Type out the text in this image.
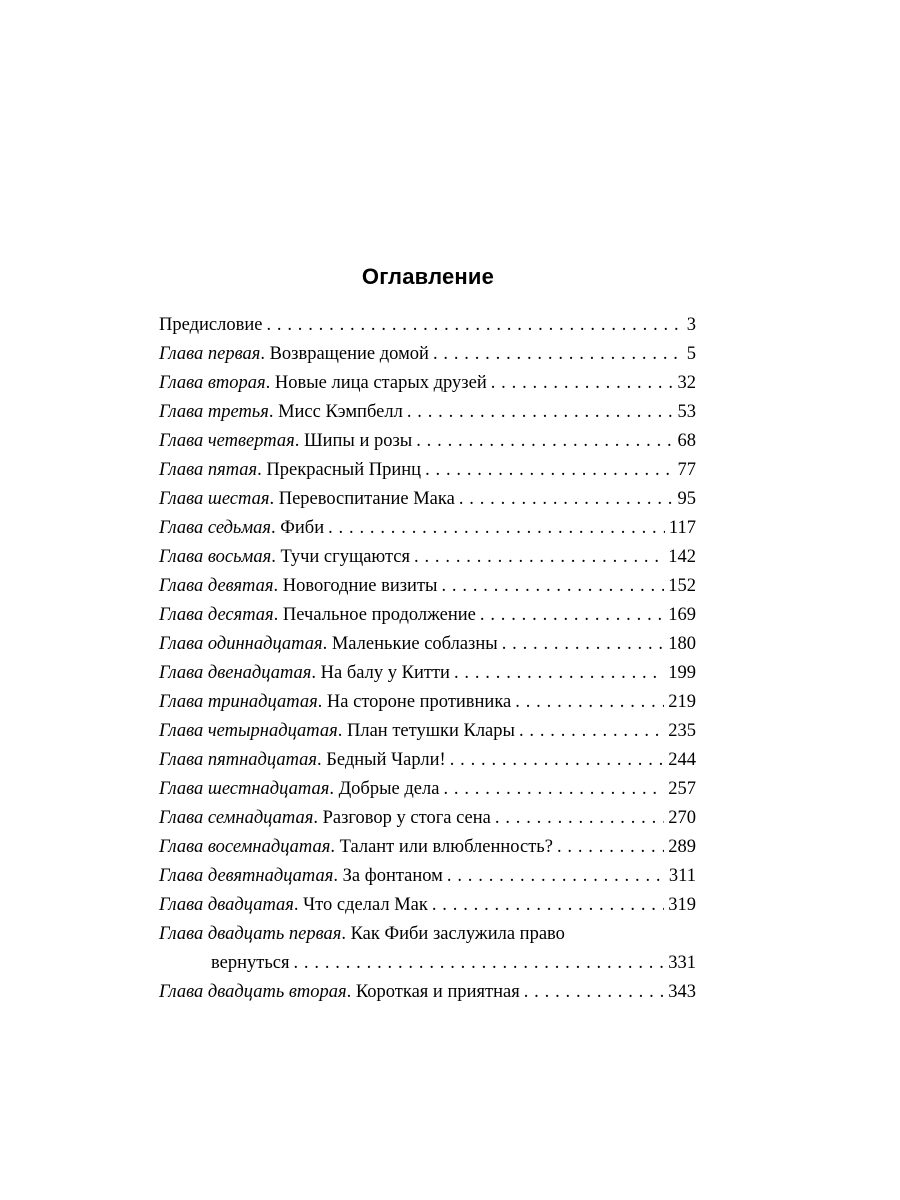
Оглавление
Предисловие . . .	3
Глава первая . Возвращение домой . . .	5
Глава вторая . Новые лица старых друзей . . .	32
Глава третья . Мисс Кэмпбелл . . .	53
Глава четвертая . Шипы и розы . . .	68
Глава пятая . Прекрасный Принц . . .	77
Глава шестая . Перевоспитание Мака . . .	95
Глава седьмая . Фиби . . .	117
Глава восьмая . Тучи сгущаются . . .	142
Глава девятая . Новогодние визиты . . .	152
Глава десятая . Печальное продолжение . . .	169
Глава одиннадцатая . Маленькие соблазны . . .	180
Глава двенадцатая . На балу у Китти . . .	199
Глава тринадцатая . На стороне противника . . .	219
Глава четырнадцатая . План тетушки Клары . . .	235
Глава пятнадцатая . Бедный Чарли! . . .	244
Глава шестнадцатая . Добрые дела . . .	257
Глава семнадцатая . Разговор у стога сена . . .	270
Глава восемнадцатая . Талант или влюбленность? . . .	289
Глава девятнадцатая . За фонтаном . . .	311
Глава двадцатая . Что сделал Мак . . .	319
Глава двадцать первая. Как Фиби заслужила право
вернуться . . .	331
Глава двадцать вторая . Короткая и приятная . . .	343
